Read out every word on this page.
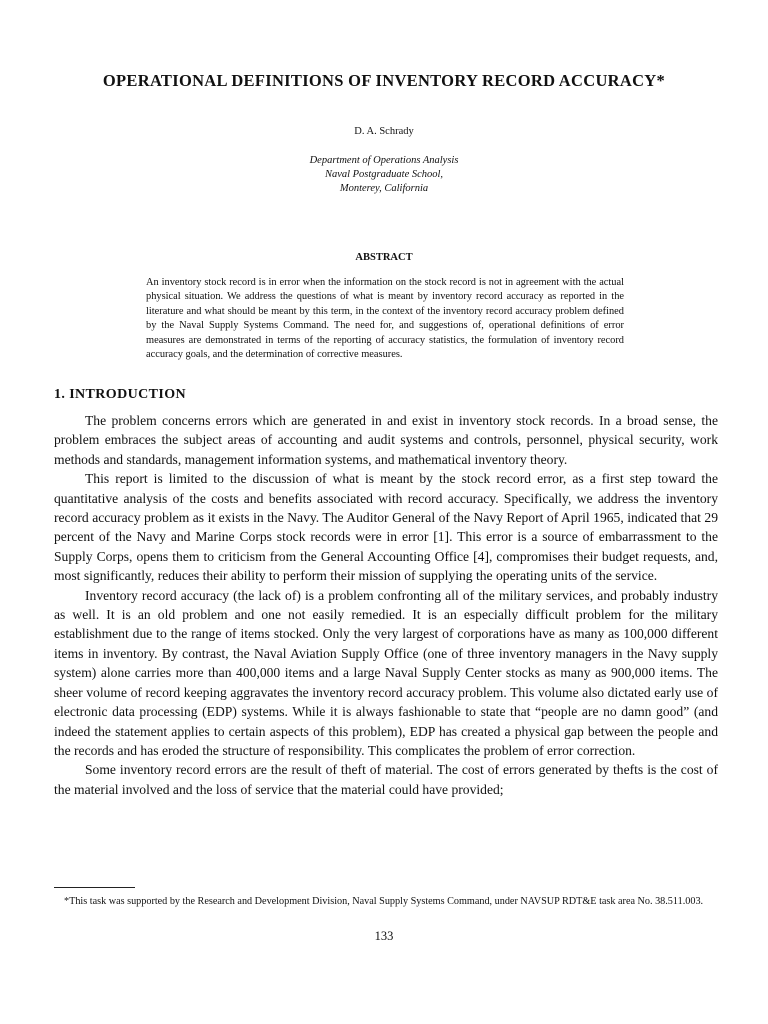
OPERATIONAL DEFINITIONS OF INVENTORY RECORD ACCURACY*
D. A. Schrady
Department of Operations Analysis
Naval Postgraduate School,
Monterey, California
ABSTRACT
An inventory stock record is in error when the information on the stock record is not in agreement with the actual physical situation. We address the questions of what is meant by inventory record accuracy as reported in the literature and what should be meant by this term, in the context of the inventory record accuracy problem defined by the Naval Supply Systems Command. The need for, and suggestions of, operational definitions of error measures are demonstrated in terms of the reporting of accuracy statistics, the formulation of inventory record accuracy goals, and the determination of corrective measures.
1. INTRODUCTION

The problem concerns errors which are generated in and exist in inventory stock records. In a broad sense, the problem embraces the subject areas of accounting and audit systems and controls, personnel, physical security, work methods and standards, management information systems, and mathematical inventory theory.

This report is limited to the discussion of what is meant by the stock record error, as a first step toward the quantitative analysis of the costs and benefits associated with record accuracy. Specifically, we address the inventory record accuracy problem as it exists in the Navy. The Auditor General of the Navy Report of April 1965, indicated that 29 percent of the Navy and Marine Corps stock records were in error [1]. This error is a source of embarrassment to the Supply Corps, opens them to criticism from the General Accounting Office [4], compromises their budget requests, and, most significantly, reduces their ability to perform their mission of supplying the operating units of the service.

Inventory record accuracy (the lack of) is a problem confronting all of the military services, and probably industry as well. It is an old problem and one not easily remedied. It is an especially difficult problem for the military establishment due to the range of items stocked. Only the very largest of corporations have as many as 100,000 different items in inventory. By contrast, the Naval Aviation Supply Office (one of three inventory managers in the Navy supply system) alone carries more than 400,000 items and a large Naval Supply Center stocks as many as 900,000 items. The sheer volume of record keeping aggravates the inventory record accuracy problem. This volume also dictated early use of electronic data processing (EDP) systems. While it is always fashionable to state that “people are no damn good” (and indeed the statement applies to certain aspects of this problem), EDP has created a physical gap between the people and the records and has eroded the structure of responsibility. This complicates the problem of error correction.

Some inventory record errors are the result of theft of material. The cost of errors generated by thefts is the cost of the material involved and the loss of service that the material could have provided;

*This task was supported by the Research and Development Division, Naval Supply Systems Command, under NAVSUP RDT&E task area No. 38.511.003.
133
